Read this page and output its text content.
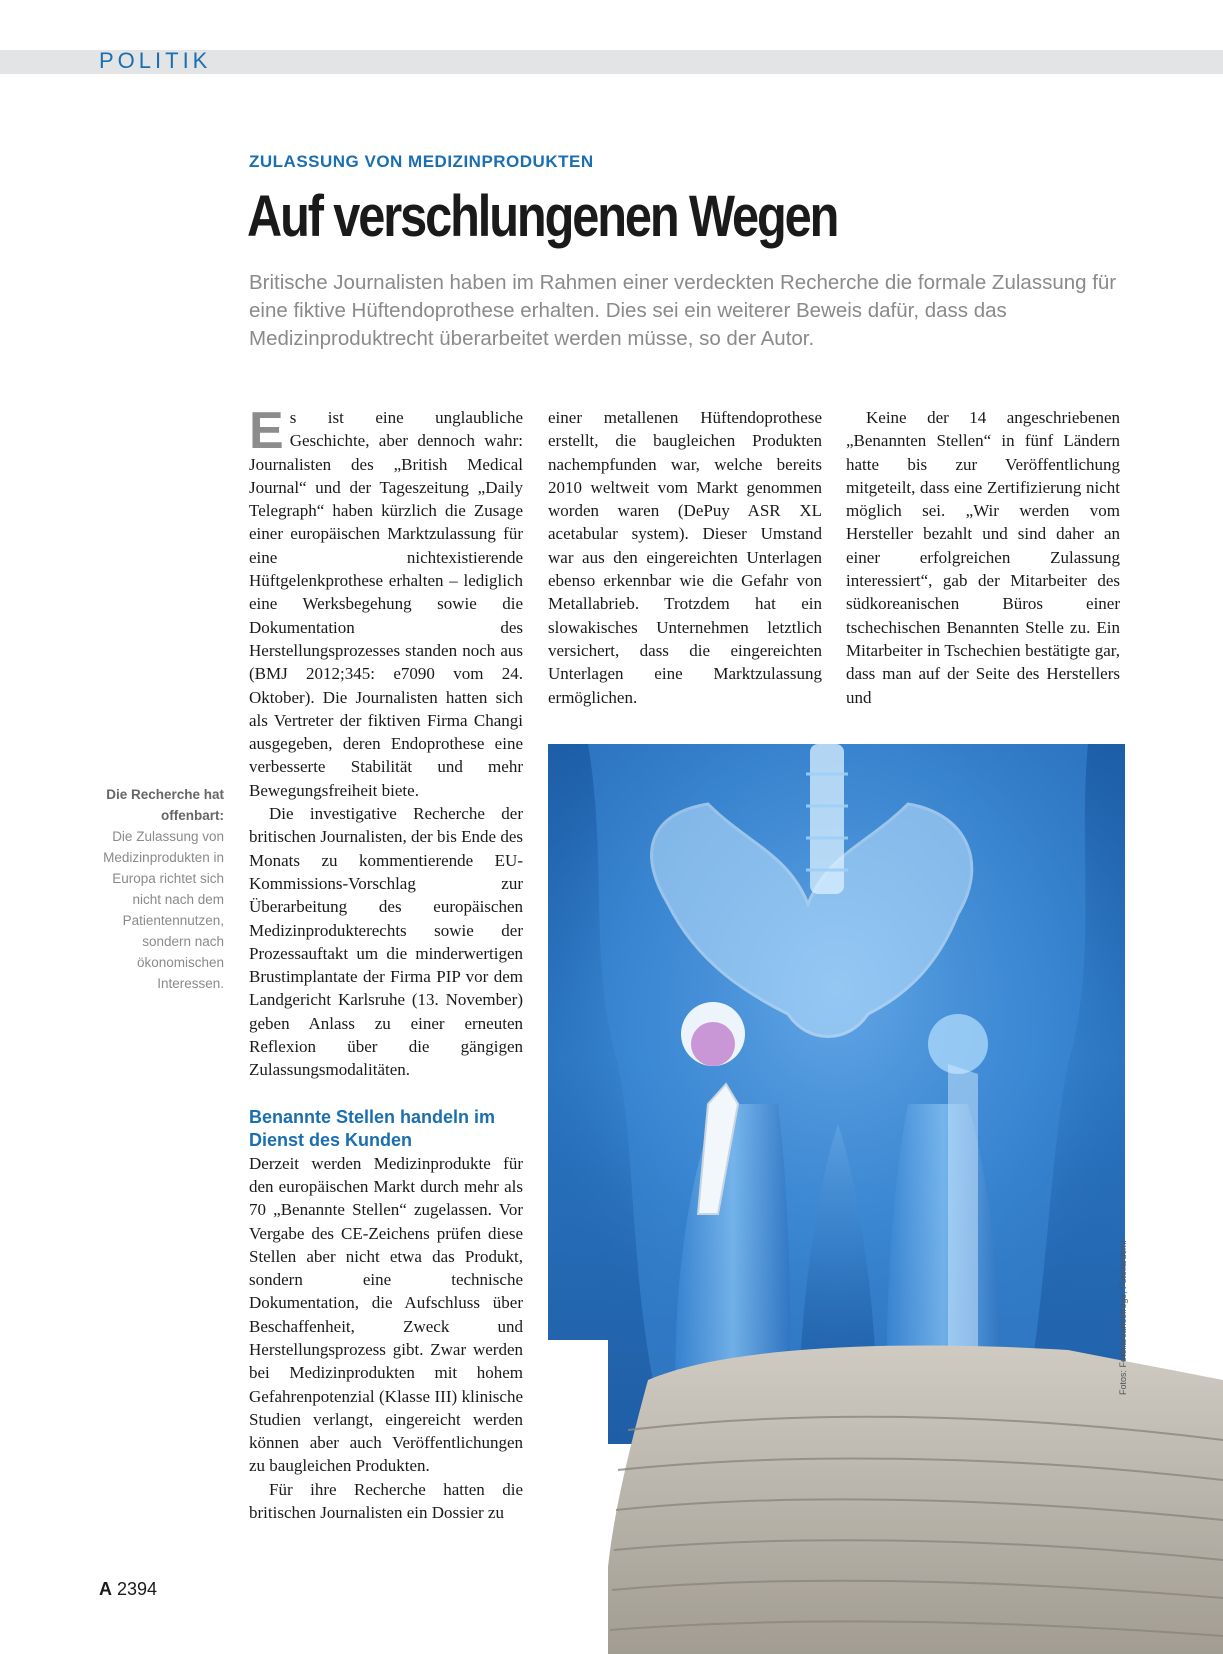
POLITIK
ZULASSUNG VON MEDIZINPRODUKTEN
Auf verschlungenen Wegen

Britische Journalisten haben im Rahmen einer verdeckten Recherche die formale Zulassung für eine fiktive Hüftendoprothese erhalten. Dies sei ein weiterer Beweis dafür, dass das Medizinproduktrecht überarbeitet werden müsse, so der Autor.

Die Recherche hat offenbart:
Die Zulassung von Medizinprodukten in Europa richtet sich nicht nach dem Patientennutzen, sondern nach ökonomischen Interessen.

Es ist eine unglaubliche Geschichte, aber dennoch wahr: Journalisten des „British Medical Journal“ und der Tageszeitung „Daily Telegraph“ haben kürzlich die Zusage einer europäischen Marktzulassung für eine nichtexistierende Hüftgelenkprothese erhalten – lediglich eine Werksbegehung sowie die Dokumentation des Herstellungsprozesses standen noch aus (BMJ 2012;345: e7090 vom 24. Oktober). Die Journalisten hatten sich als Vertreter der fiktiven Firma Changi ausgegeben, deren Endoprothese eine verbesserte Stabilität und mehr Bewegungsfreiheit biete.

Die investigative Recherche der britischen Journalisten, der bis Ende des Monats zu kommentierende EU-Kommissions-Vorschlag zur Überarbeitung des europäischen Medizinprodukterechts sowie der Prozessauftakt um die minderwertigen Brustimplantate der Firma PIP vor dem Landgericht Karlsruhe (13. November) geben Anlass zu einer erneuten Reflexion über die gängigen Zulassungsmodalitäten.

Benannte Stellen handeln im Dienst des Kunden

Derzeit werden Medizinprodukte für den europäischen Markt durch mehr als 70 „Benannte Stellen“ zugelassen. Vor Vergabe des CE-Zeichens prüfen diese Stellen aber nicht etwa das Produkt, sondern eine technische Dokumentation, die Aufschluss über Beschaffenheit, Zweck und Herstellungsprozess gibt. Zwar werden bei Medizinprodukten mit hohem Gefahrenpotenzial (Klasse III) klinische Studien verlangt, eingereicht werden können aber auch Veröffentlichungen zu baugleichen Produkten.

Für ihre Recherche hatten die britischen Journalisten ein Dossier zu

einer metallenen Hüftendoprothese erstellt, die baugleichen Produkten nachempfunden war, welche bereits 2010 weltweit vom Markt genommen worden waren (DePuy ASR XL acetabular system). Dieser Umstand war aus den eingereichten Unterlagen ebenso erkennbar wie die Gefahr von Metallabrieb. Trotzdem hat ein slowakisches Unternehmen letztlich versichert, dass die eingereichten Unterlagen eine Marktzulassung ermöglichen.

Keine der 14 angeschriebenen „Benannten Stellen“ in fünf Ländern hatte bis zur Veröffentlichung mitgeteilt, dass eine Zertifizierung nicht möglich sei. „Wir werden vom Hersteller bezahlt und sind daher an einer erfolgreichen Zulassung interessiert“, gab der Mitarbeiter des südkoreanischen Büros einer tschechischen Benannten Stelle zu. Ein Mitarbeiter in Tschechien bestätigte gar, dass man auf der Seite des Herstellers und

Fotos: Fotolia/carlosfrogs, Fotolia/dcml
A 2394
